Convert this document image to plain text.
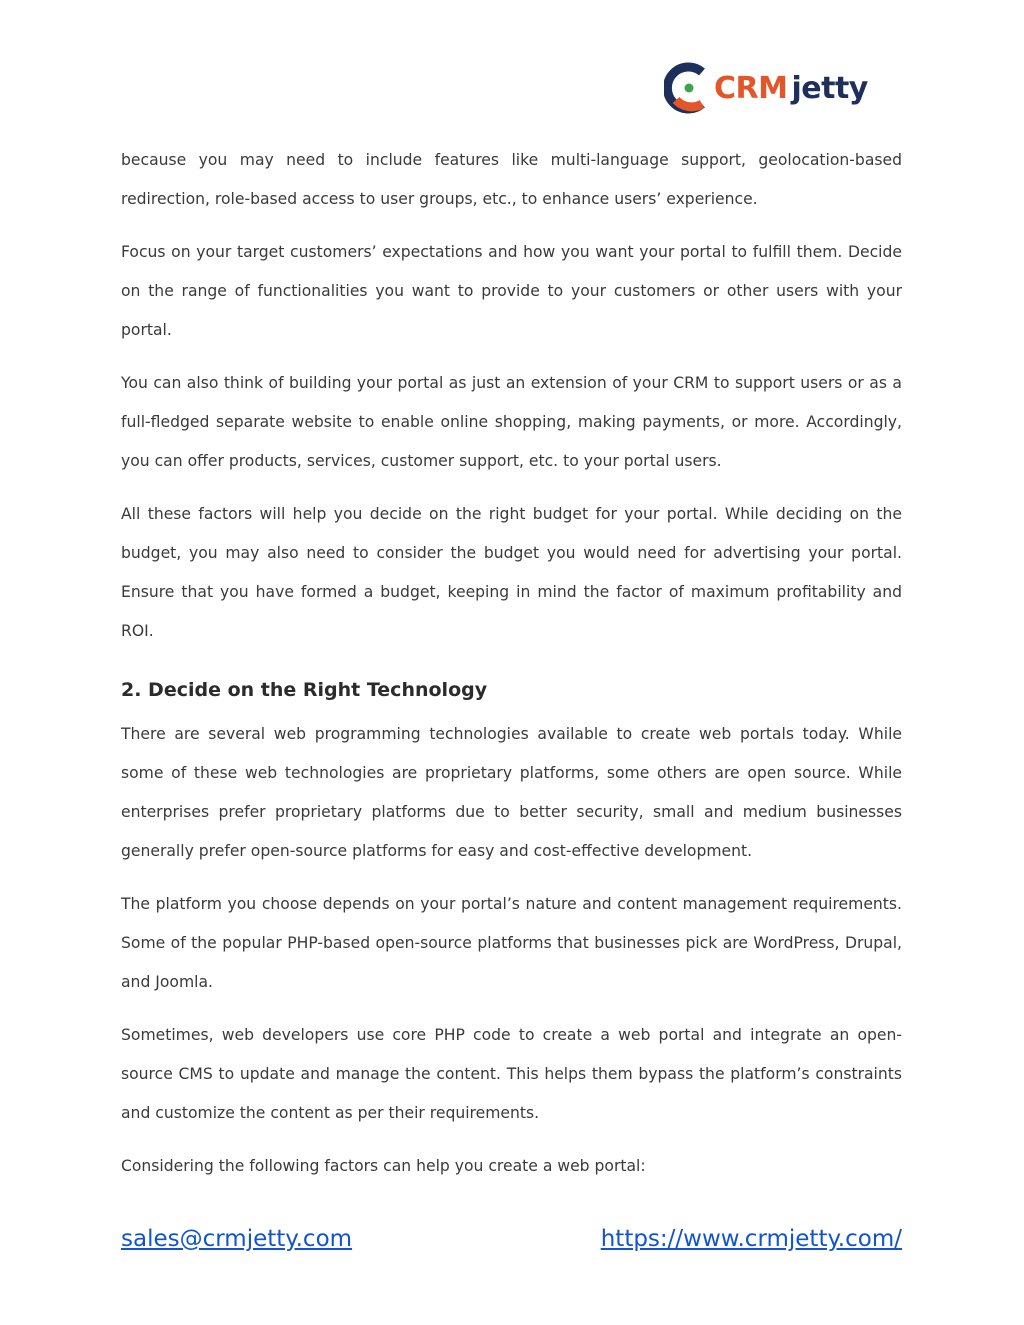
CRM jetty

because you may need to include features like multi-language support, geolocation-based redirection, role-based access to user groups, etc., to enhance users’ experience.

Focus on your target customers’ expectations and how you want your portal to fulfill them. Decide on the range of functionalities you want to provide to your customers or other users with your portal.

You can also think of building your portal as just an extension of your CRM to support users or as a full-fledged separate website to enable online shopping, making payments, or more. Accordingly, you can offer products, services, customer support, etc. to your portal users.

All these factors will help you decide on the right budget for your portal. While deciding on the budget, you may also need to consider the budget you would need for advertising your portal. Ensure that you have formed a budget, keeping in mind the factor of maximum profitability and ROI.

2. Decide on the Right Technology

There are several web programming technologies available to create web portals today. While some of these web technologies are proprietary platforms, some others are open source. While enterprises prefer proprietary platforms due to better security, small and medium businesses generally prefer open-source platforms for easy and cost-effective development.

The platform you choose depends on your portal’s nature and content management requirements. Some of the popular PHP-based open-source platforms that businesses pick are WordPress, Drupal, and Joomla.

Sometimes, web developers use core PHP code to create a web portal and integrate an open-source CMS to update and manage the content. This helps them bypass the platform’s constraints and customize the content as per their requirements.

Considering the following factors can help you create a web portal:

sales@crmjetty.com	https://www.crmjetty.com/
